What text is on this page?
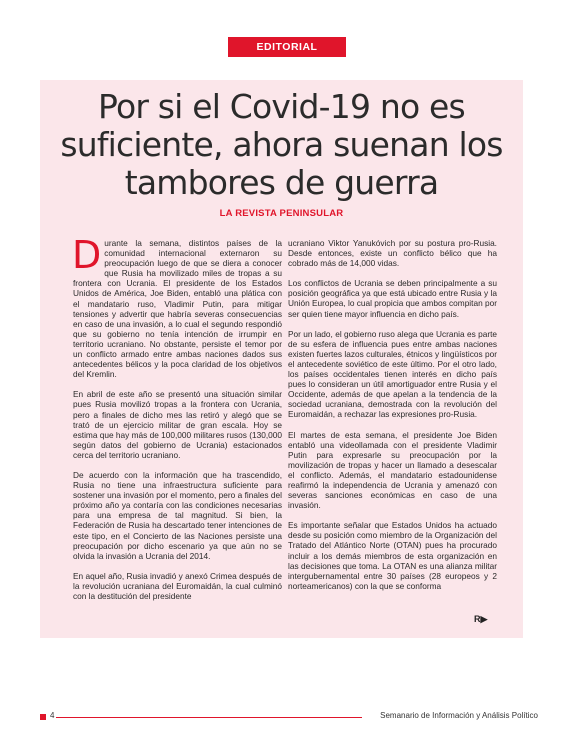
EDITORIAL
Por si el Covid-19 no es suficiente, ahora suenan los tambores de guerra
LA REVISTA PENINSULAR

Durante la semana, distintos países de la comunidad internacional externaron su preocupación luego de que se diera a conocer que Rusia ha movilizado miles de tropas a su frontera con Ucrania. El presidente de los Estados Unidos de América, Joe Biden, entabló una plática con el mandatario ruso, Vladimir Putin, para mitigar tensiones y advertir que habría severas consecuencias en caso de una invasión, a lo cual el segundo respondió que su gobierno no tenía intención de irrumpir en territorio ucraniano. No obstante, persiste el temor por un conflicto armado entre ambas naciones dados sus antecedentes bélicos y la poca claridad de los objetivos del Kremlin.

En abril de este año se presentó una situación similar pues Rusia movilizó tropas a la frontera con Ucrania, pero a finales de dicho mes las retiró y alegó que se trató de un ejercicio militar de gran escala. Hoy se estima que hay más de 100,000 militares rusos (130,000 según datos del gobierno de Ucrania) estacionados cerca del territorio ucraniano.

De acuerdo con la información que ha trascendido, Rusia no tiene una infraestructura suficiente para sostener una invasión por el momento, pero a finales del próximo año ya contaría con las condiciones necesarias para una empresa de tal magnitud. Si bien, la Federación de Rusia ha descartado tener intenciones de este tipo, en el Concierto de las Naciones persiste una preocupación por dicho escenario ya que aún no se olvida la invasión a Ucrania del 2014.

En aquel año, Rusia invadió y anexó Crimea después de la revolución ucraniana del Euromaidán, la cual culminó con la destitución del presidente

ucraniano Viktor Yanukóvich por su postura pro-Rusia. Desde entonces, existe un conflicto bélico que ha cobrado más de 14,000 vidas.

Los conflictos de Ucrania se deben principalmente a su posición geográfica ya que está ubicado entre Rusia y la Unión Europea, lo cual propicia que ambos compitan por ser quien tiene mayor influencia en dicho país.

Por un lado, el gobierno ruso alega que Ucrania es parte de su esfera de influencia pues entre ambas naciones existen fuertes lazos culturales, étnicos y lingüísticos por el antecedente soviético de este último. Por el otro lado, los países occidentales tienen interés en dicho país pues lo consideran un útil amortiguador entre Rusia y el Occidente, además de que apelan a la tendencia de la sociedad ucraniana, demostrada con la revolución del Euromaidán, a rechazar las expresiones pro-Rusia.

El martes de esta semana, el presidente Joe Biden entabló una videollamada con el presidente Vladimir Putin para expresarle su preocupación por la movilización de tropas y hacer un llamado a desescalar el conflicto. Además, el mandatario estadounidense reafirmó la independencia de Ucrania y amenazó con severas sanciones económicas en caso de una invasión.

Es importante señalar que Estados Unidos ha actuado desde su posición como miembro de la Organización del Tratado del Atlántico Norte (OTAN) pues ha procurado incluir a los demás miembros de esta organización en las decisiones que toma. La OTAN es una alianza militar intergubernamental entre 30 países (28 europeos y 2 norteamericanos) con la que se conforma

R▶
4	Semanario de Información y Análisis Político
